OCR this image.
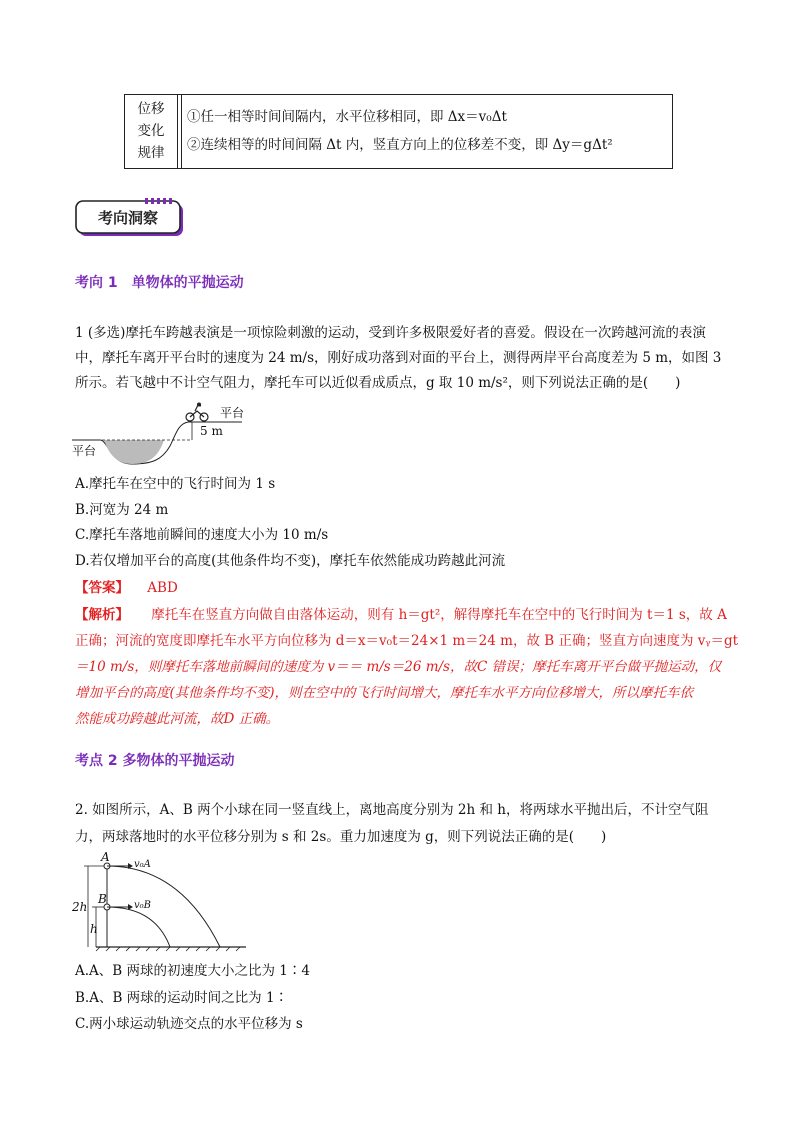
位移
变化
规律
①任一相等时间间隔内，水平位移相同，即 Δx＝v₀Δt
②连续相等的时间间隔 Δt 内，竖直方向上的位移差不变，即 Δy＝gΔt²
考向洞察
考向 1　单物体的平抛运动
1 (多选)摩托车跨越表演是一项惊险刺激的运动，受到许多极限爱好者的喜爱。假设在一次跨越河流的表演
中，摩托车离开平台时的速度为 24 m/s，刚好成功落到对面的平台上，测得两岸平台高度差为 5 m，如图 3
所示。若飞越中不计空气阻力，摩托车可以近似看成质点，g 取 10 m/s²，则下列说法正确的是(　　)
平台
5 m
平台
A.摩托车在空中的飞行时间为 1 s
B.河宽为 24 m
C.摩托车落地前瞬间的速度大小为 10 m/s
D.若仅增加平台的高度(其他条件均不变)，摩托车依然能成功跨越此河流
【答案】 ABD
【解析】 摩托车在竖直方向做自由落体运动，则有 h＝gt²，解得摩托车在空中的飞行时间为 t＝1 s，故 A
正确；河流的宽度即摩托车水平方向位移为 d＝x＝v₀t＝24×1 m＝24 m，故 B 正确；竖直方向速度为 vᵧ＝gt
＝10 m/s，则摩托车落地前瞬间的速度为 v＝＝ m/s＝26 m/s，故C 错误；摩托车离开平台做平抛运动，仅
增加平台的高度(其他条件均不变)，则在空中的飞行时间增大，摩托车水平方向位移增大，所以摩托车依
然能成功跨越此河流，故D 正确。
考点 2 多物体的平抛运动
2. 如图所示，A、B 两个小球在同一竖直线上，离地高度分别为 2h 和 h，将两球水平抛出后，不计空气阻
力，两球落地时的水平位移分别为 s 和 2s。重力加速度为 g，则下列说法正确的是(　　)
A
B
v₀A
v₀B
2h
h
A.A、B 两球的初速度大小之比为 1∶4
B.A、B 两球的运动时间之比为 1∶
C.两小球运动轨迹交点的水平位移为 s
